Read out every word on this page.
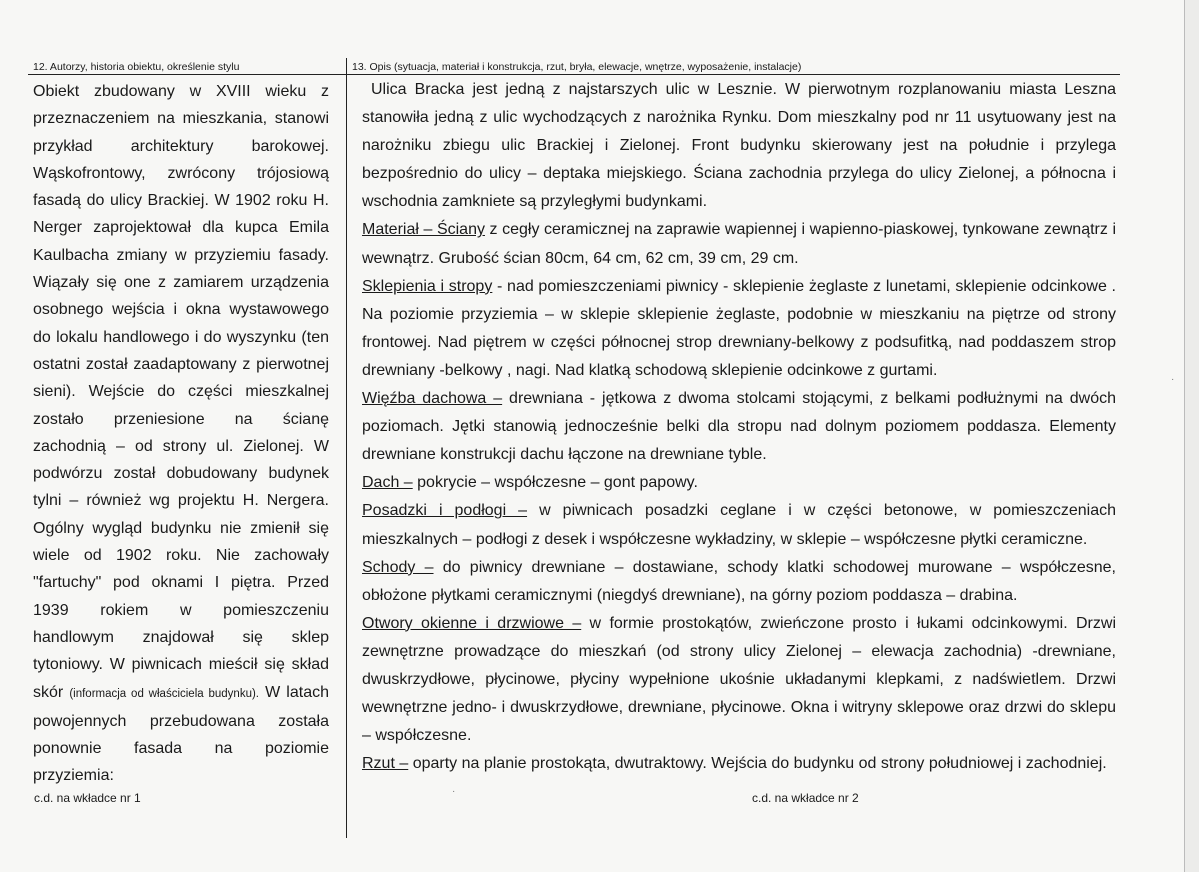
12. Autorzy, historia obiektu, określenie stylu	13. Opis (sytuacja, materiał i konstrukcja, rzut, bryła, elewacje, wnętrze, wyposażenie, instalacje)

Obiekt zbudowany w XVIII wieku z przeznaczeniem na mieszkania, stanowi przykład architektury barokowej. Wąskofrontowy, zwrócony trójosiową fasadą do ulicy Brackiej. W 1902 roku H. Nerger zaprojektował dla kupca Emila Kaulbacha zmiany w przyziemiu fasady. Wiązały się one z zamiarem urządzenia osobnego wejścia i okna wystawowego do lokalu handlowego i do wyszynku (ten ostatni został zaadaptowany z pierwotnej sieni). Wejście do części mieszkalnej zostało przeniesione na ścianę zachodnią – od strony ul. Zielonej. W podwórzu został dobudowany budynek tylni – również wg projektu H. Nergera. Ogólny wygląd budynku nie zmienił się wiele od 1902 roku. Nie zachowały "fartuchy" pod oknami I piętra. Przed 1939 rokiem w pomieszczeniu handlowym znajdował się sklep tytoniowy. W piwnicach mieścił się skład skór (informacja od właściciela budynku). W latach powojennych przebudowana została ponownie fasada na poziomie przyziemia:

Ulica Bracka jest jedną z najstarszych ulic w Lesznie. W pierwotnym rozplanowaniu miasta Leszna stanowiła jedną z ulic wychodzących z narożnika Rynku. Dom mieszkalny pod nr 11 usytuowany jest na narożniku zbiegu ulic Brackiej i Zielonej. Front budynku skierowany jest na południe i przylega bezpośrednio do ulicy – deptaka miejskiego. Ściana zachodnia przylega do ulicy Zielonej, a północna i wschodnia zamkniete są przyległymi budynkami.

Materiał – Ściany z cegły ceramicznej na zaprawie wapiennej i wapienno-piaskowej, tynkowane zewnątrz i wewnątrz. Grubość ścian 80cm, 64 cm, 62 cm, 39 cm, 29 cm.

Sklepienia i stropy - nad pomieszczeniami piwnicy - sklepienie żeglaste z lunetami, sklepienie odcinkowe . Na poziomie przyziemia – w sklepie sklepienie żeglaste, podobnie w mieszkaniu na piętrze od strony frontowej. Nad piętrem w części północnej strop drewniany-belkowy z podsufitką, nad poddaszem strop drewniany -belkowy , nagi. Nad klatką schodową sklepienie odcinkowe z gurtami.

Więźba dachowa – drewniana - jętkowa z dwoma stolcami stojącymi, z belkami podłużnymi na dwóch poziomach. Jętki stanowią jednocześnie belki dla stropu nad dolnym poziomem poddasza. Elementy drewniane konstrukcji dachu łączone na drewniane tyble.

Dach – pokrycie – współczesne – gont papowy.

Posadzki i podłogi – w piwnicach posadzki ceglane i w części betonowe, w pomieszczeniach mieszkalnych – podłogi z desek i współczesne wykładziny, w sklepie – współczesne płytki ceramiczne.

Schody – do piwnicy drewniane – dostawiane, schody klatki schodowej murowane – współczesne, obłożone płytkami ceramicznymi (niegdyś drewniane), na górny poziom poddasza – drabina.

Otwory okienne i drzwiowe – w formie prostokątów, zwieńczone prosto i łukami odcinkowymi. Drzwi zewnętrzne prowadzące do mieszkań (od strony ulicy Zielonej – elewacja zachodnia) -drewniane, dwuskrzydłowe, płycinowe, płyciny wypełnione ukośnie układanymi klepkami, z nadświetlem. Drzwi wewnętrzne jedno- i dwuskrzydłowe, drewniane, płycinowe. Okna i witryny sklepowe oraz drzwi do sklepu – współczesne.

Rzut – oparty na planie prostokąta, dwutraktowy. Wejścia do budynku od strony południowej i zachodniej.

c.d. na wkładce nr 1	c.d. na wkładce nr 2
·
·
